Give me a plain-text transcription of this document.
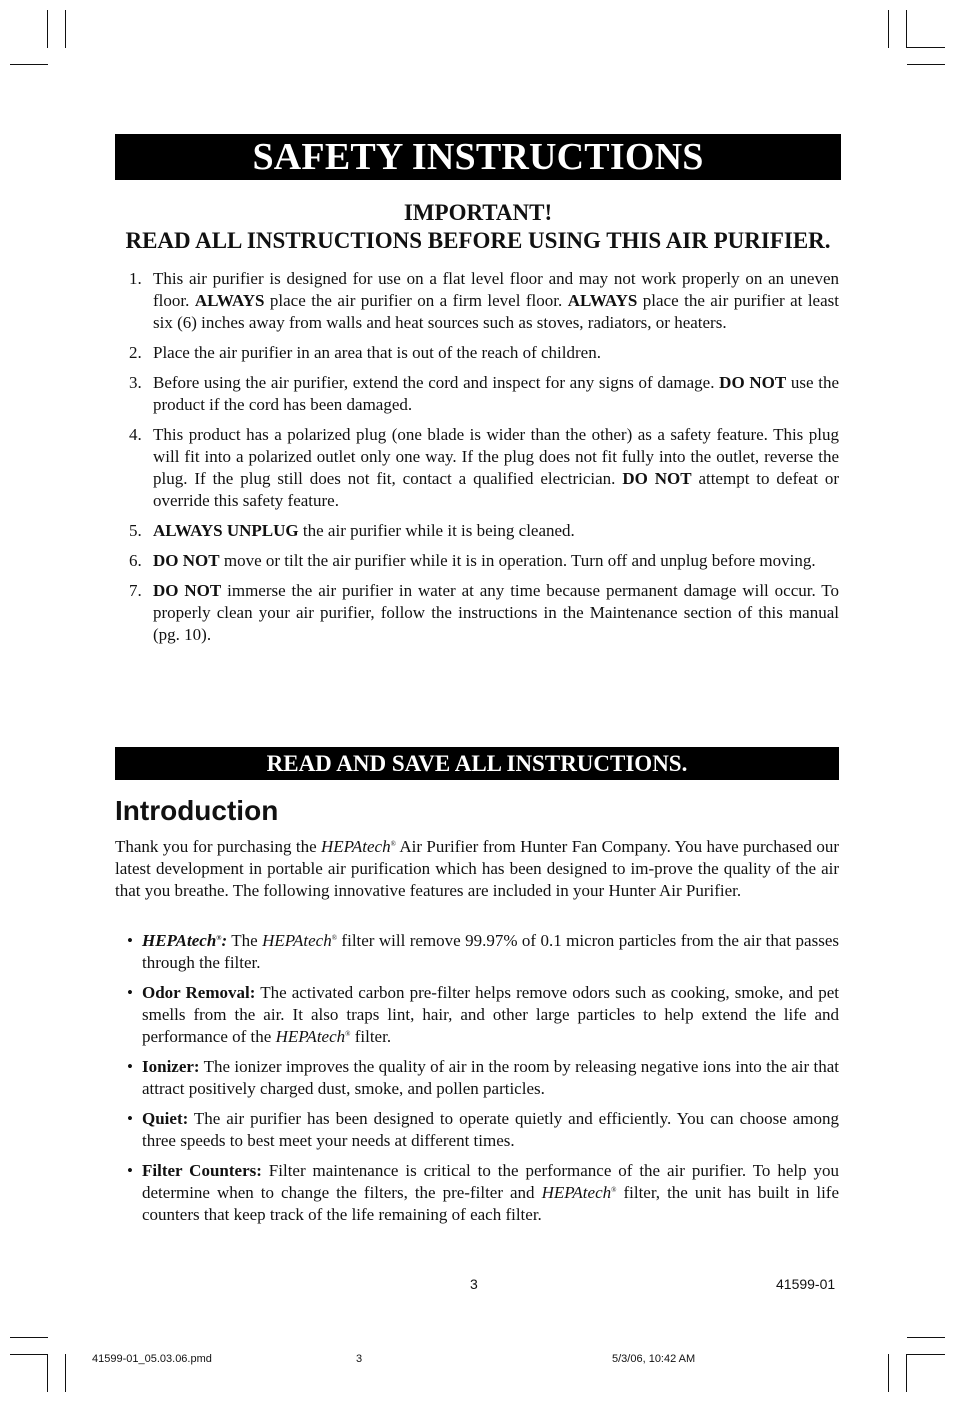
SAFETY INSTRUCTIONS
IMPORTANT!
READ ALL INSTRUCTIONS BEFORE USING THIS AIR PURIFIER.
1. This air purifier is designed for use on a flat level floor and may not work properly on an uneven floor. ALWAYS place the air purifier on a firm level floor. ALWAYS place the air purifier at least six (6) inches away from walls and heat sources such as stoves, radiators, or heaters.
2. Place the air purifier in an area that is out of the reach of children.
3. Before using the air purifier, extend the cord and inspect for any signs of damage. DO NOT use the product if the cord has been damaged.
4. This product has a polarized plug (one blade is wider than the other) as a safety feature. This plug will fit into a polarized outlet only one way. If the plug does not fit fully into the outlet, reverse the plug. If the plug still does not fit, contact a qualified electrician. DO NOT attempt to defeat or override this safety feature.
5. ALWAYS UNPLUG the air purifier while it is being cleaned.
6. DO NOT move or tilt the air purifier while it is in operation. Turn off and unplug before moving.
7. DO NOT immerse the air purifier in water at any time because permanent damage will occur. To properly clean your air purifier, follow the instructions in the Maintenance section of this manual (pg. 10).
READ AND SAVE ALL INSTRUCTIONS.
Introduction

Thank you for purchasing the HEPAtech® Air Purifier from Hunter Fan Company. You have purchased our latest development in portable air purification which has been designed to im-prove the quality of the air that you breathe. The following innovative features are included in your Hunter Air Purifier.

• HEPAtech®: The HEPAtech® filter will remove 99.97% of 0.1 micron particles from the air that passes through the filter.
• Odor Removal: The activated carbon pre-filter helps remove odors such as cooking, smoke, and pet smells from the air. It also traps lint, hair, and other large particles to help extend the life and performance of the HEPAtech® filter.
• Ionizer: The ionizer improves the quality of air in the room by releasing negative ions into the air that attract positively charged dust, smoke, and pollen particles.
• Quiet: The air purifier has been designed to operate quietly and efficiently. You can choose among three speeds to best meet your needs at different times.
• Filter Counters: Filter maintenance is critical to the performance of the air purifier. To help you determine when to change the filters, the pre-filter and HEPAtech® filter, the unit has built in life counters that keep track of the life remaining of each filter.
3	41599-01
41599-01_05.03.06.pmd	3	5/3/06, 10:42 AM
